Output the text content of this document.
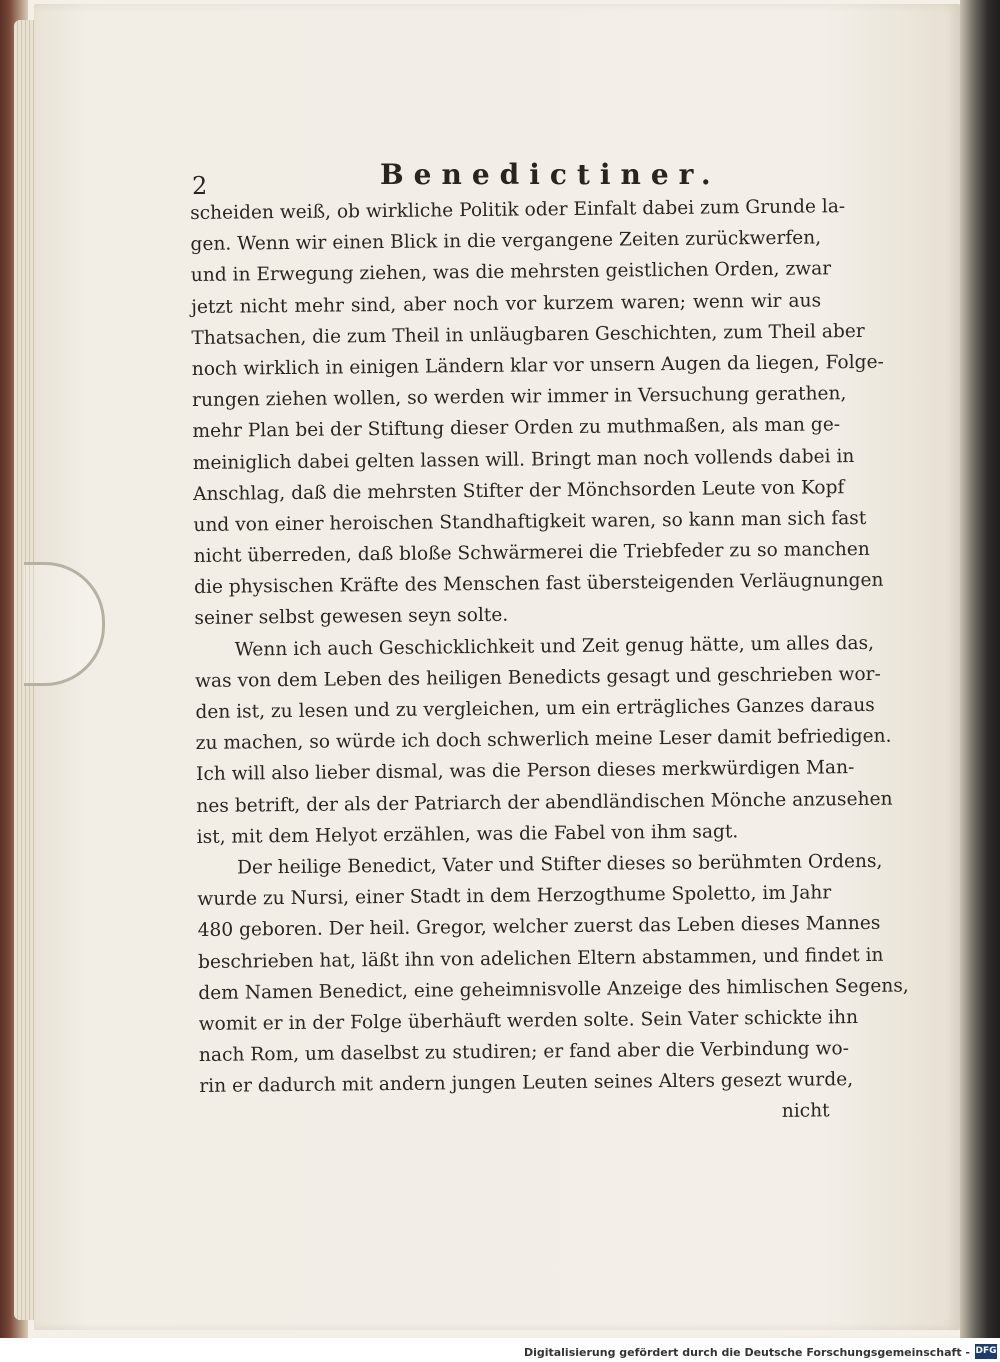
2	Benedictiner.
scheiden weiß, ob wirkliche Politik oder Einfalt dabei zum Grunde la-
gen. Wenn wir einen Blick in die vergangene Zeiten zurückwerfen,
und in Erwegung ziehen, was die mehrsten geistlichen Orden, zwar
jetzt nicht mehr sind, aber noch vor kurzem waren; wenn wir aus
Thatsachen, die zum Theil in unläugbaren Geschichten, zum Theil aber
noch wirklich in einigen Ländern klar vor unsern Augen da liegen, Folge-
rungen ziehen wollen, so werden wir immer in Versuchung gerathen,
mehr Plan bei der Stiftung dieser Orden zu muthmaßen, als man ge-
meiniglich dabei gelten lassen will. Bringt man noch vollends dabei in
Anschlag, daß die mehrsten Stifter der Mönchsorden Leute von Kopf
und von einer heroischen Standhaftigkeit waren, so kann man sich fast
nicht überreden, daß bloße Schwärmerei die Triebfeder zu so manchen
die physischen Kräfte des Menschen fast übersteigenden Verläugnungen
seiner selbst gewesen seyn solte.
Wenn ich auch Geschicklichkeit und Zeit genug hätte, um alles das,
was von dem Leben des heiligen Benedicts gesagt und geschrieben wor-
den ist, zu lesen und zu vergleichen, um ein erträgliches Ganzes daraus
zu machen, so würde ich doch schwerlich meine Leser damit befriedigen.
Ich will also lieber dismal, was die Person dieses merkwürdigen Man-
nes betrift, der als der Patriarch der abendländischen Mönche anzusehen
ist, mit dem Helyot erzählen, was die Fabel von ihm sagt.
Der heilige Benedict, Vater und Stifter dieses so berühmten Ordens,
wurde zu Nursi, einer Stadt in dem Herzogthume Spoletto, im Jahr
480 geboren. Der heil. Gregor, welcher zuerst das Leben dieses Mannes
beschrieben hat, läßt ihn von adelichen Eltern abstammen, und findet in
dem Namen Benedict, eine geheimnisvolle Anzeige des himlischen Segens,
womit er in der Folge überhäuft werden solte. Sein Vater schickte ihn
nach Rom, um daselbst zu studiren; er fand aber die Verbindung wo-
rin er dadurch mit andern jungen Leuten seines Alters gesezt wurde,
nicht
Digitalisierung gefördert durch die Deutsche Forschungsgemeinschaft - DFG
